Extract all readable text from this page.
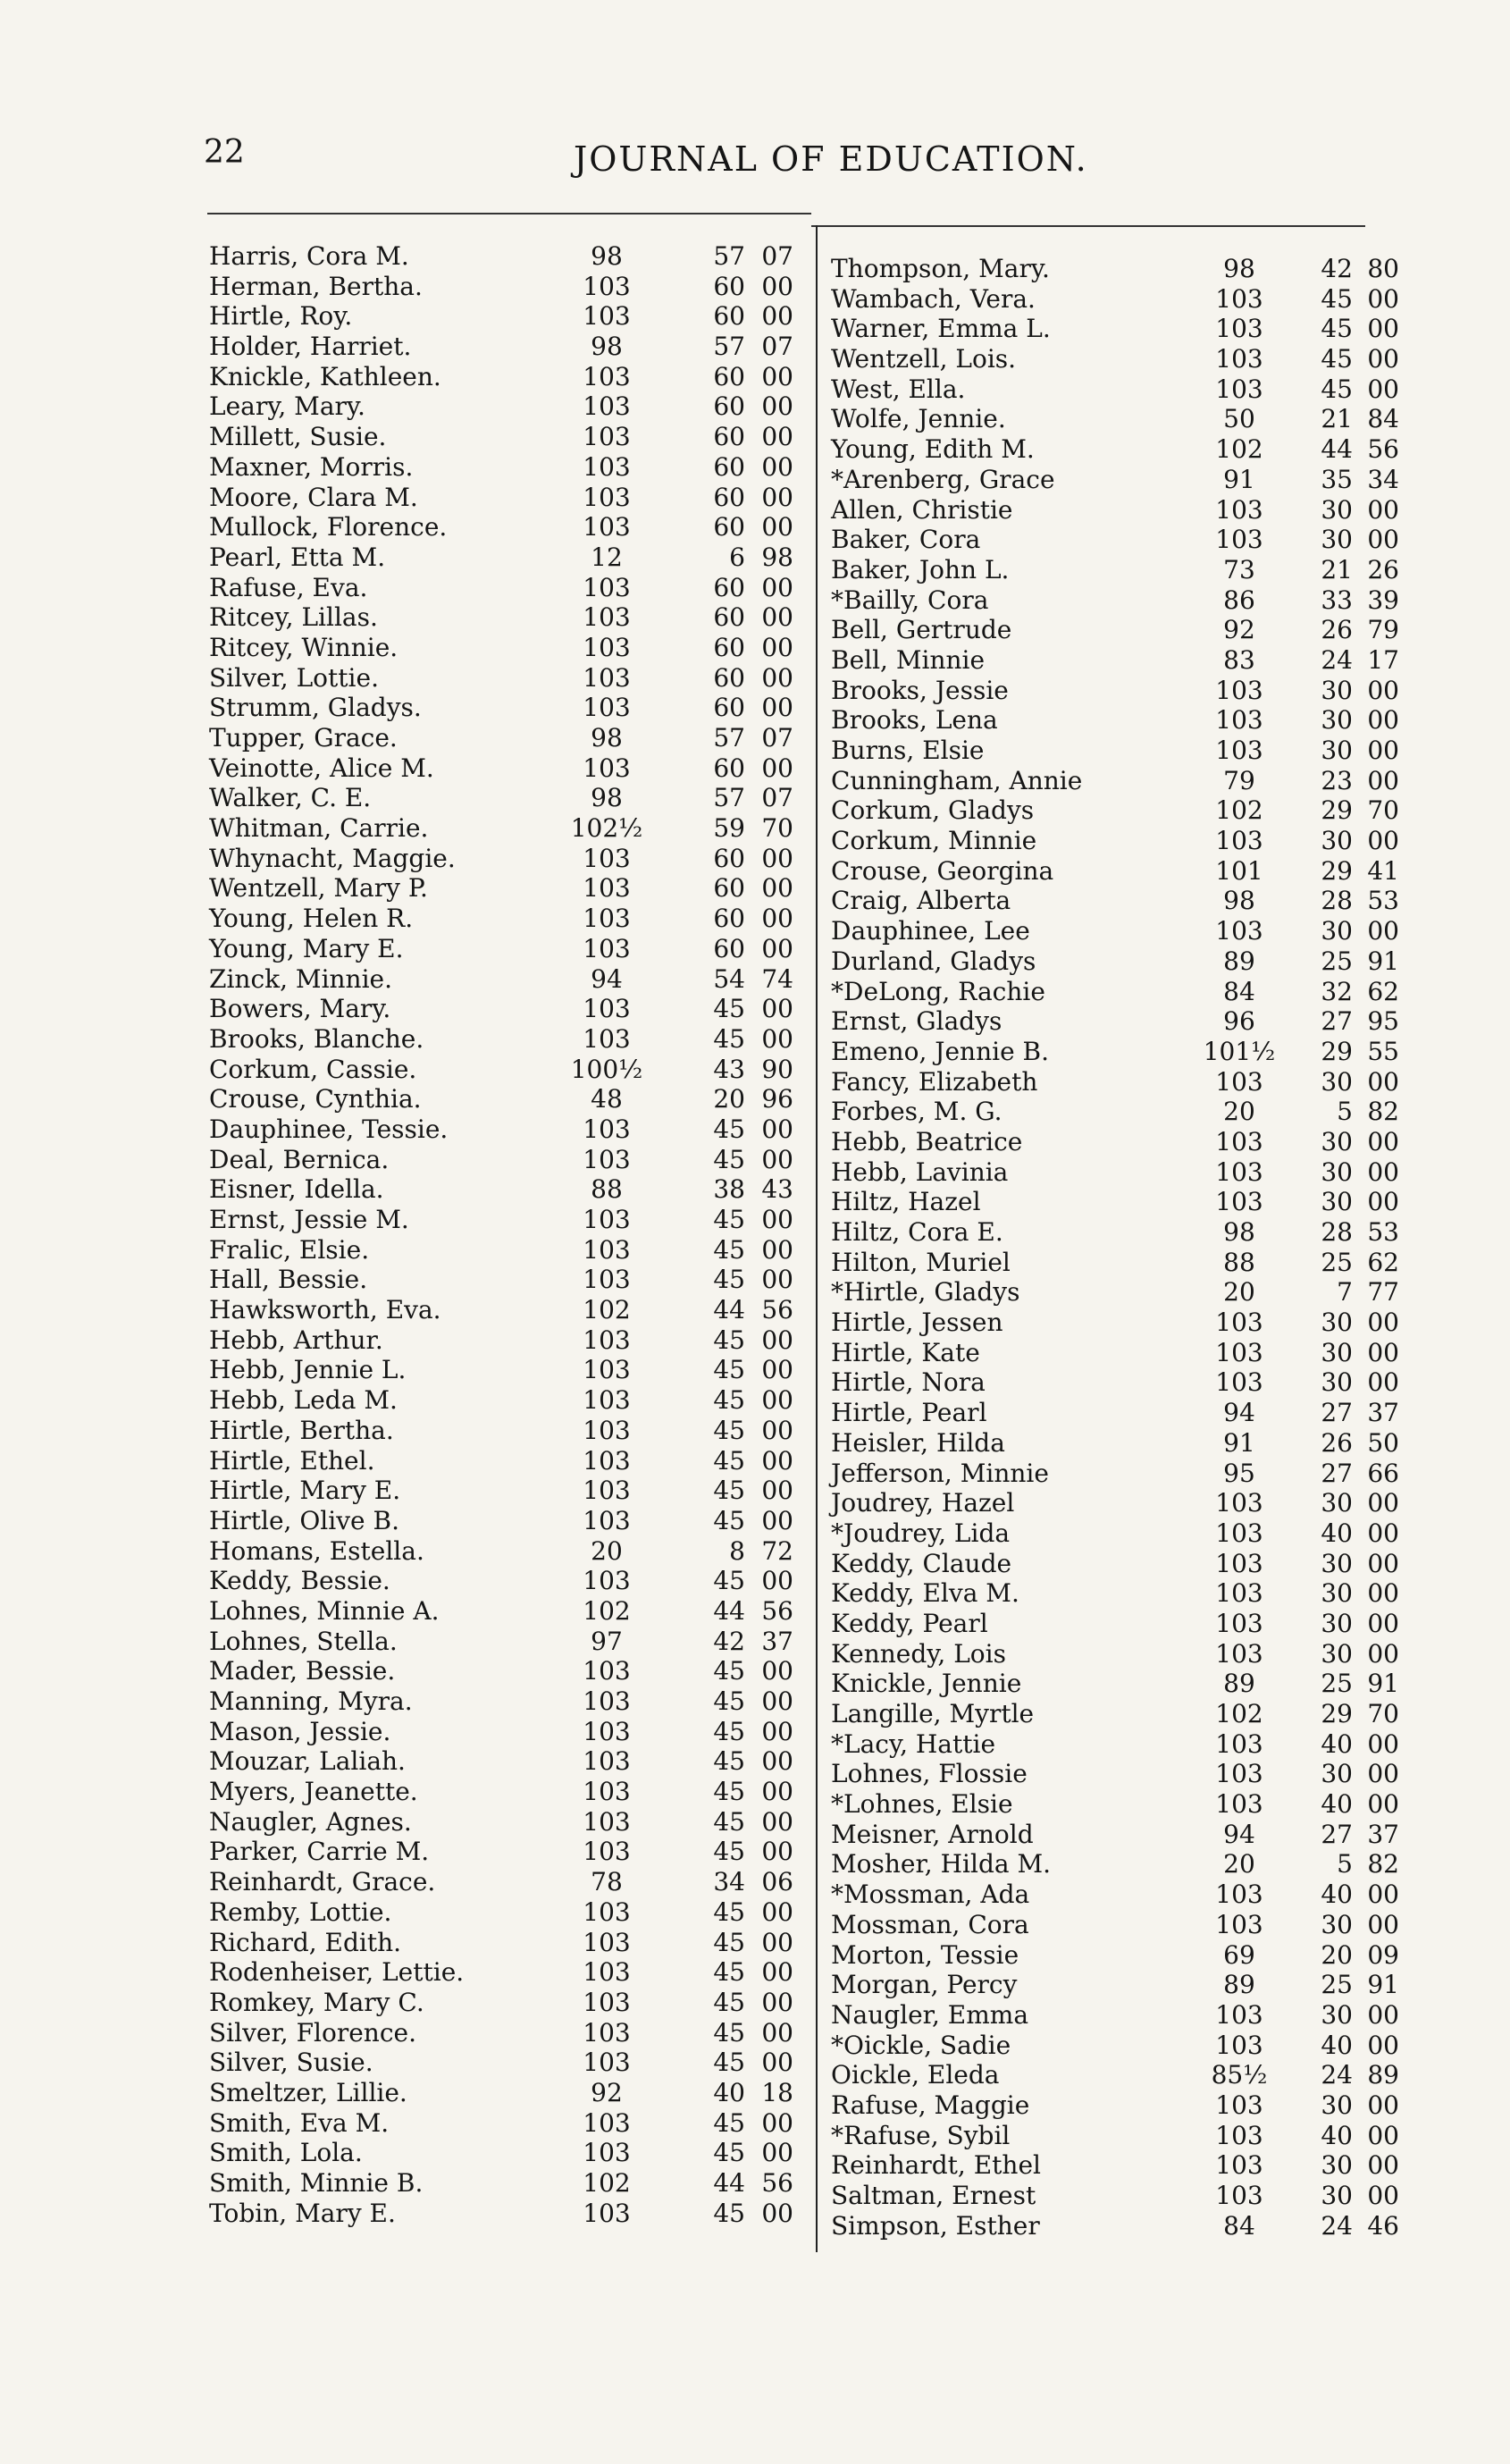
22	JOURNAL OF EDUCATION.
Harris, Cora M.	98	57 07
Herman, Bertha.	103	60 00
Hirtle, Roy.	103	60 00
Holder, Harriet.	98	57 07
Knickle, Kathleen.	103	60 00
Leary, Mary.	103	60 00
Millett, Susie.	103	60 00
Maxner, Morris.	103	60 00
Moore, Clara M.	103	60 00
Mullock, Florence.	103	60 00
Pearl, Etta M.	12	6 98
Rafuse, Eva.	103	60 00
Ritcey, Lillas.	103	60 00
Ritcey, Winnie.	103	60 00
Silver, Lottie.	103	60 00
Strumm, Gladys.	103	60 00
Tupper, Grace.	98	57 07
Veinotte, Alice M.	103	60 00
Walker, C. E.	98	57 07
Whitman, Carrie.	102½	59 70
Whynacht, Maggie.	103	60 00
Wentzell, Mary P.	103	60 00
Young, Helen R.	103	60 00
Young, Mary E.	103	60 00
Zinck, Minnie.	94	54 74
Bowers, Mary.	103	45 00
Brooks, Blanche.	103	45 00
Corkum, Cassie.	100½	43 90
Crouse, Cynthia.	48	20 96
Dauphinee, Tessie.	103	45 00
Deal, Bernica.	103	45 00
Eisner, Idella.	88	38 43
Ernst, Jessie M.	103	45 00
Fralic, Elsie.	103	45 00
Hall, Bessie.	103	45 00
Hawksworth, Eva.	102	44 56
Hebb, Arthur.	103	45 00
Hebb, Jennie L.	103	45 00
Hebb, Leda M.	103	45 00
Hirtle, Bertha.	103	45 00
Hirtle, Ethel.	103	45 00
Hirtle, Mary E.	103	45 00
Hirtle, Olive B.	103	45 00
Homans, Estella.	20	8 72
Keddy, Bessie.	103	45 00
Lohnes, Minnie A.	102	44 56
Lohnes, Stella.	97	42 37
Mader, Bessie.	103	45 00
Manning, Myra.	103	45 00
Mason, Jessie.	103	45 00
Mouzar, Laliah.	103	45 00
Myers, Jeanette.	103	45 00
Naugler, Agnes.	103	45 00
Parker, Carrie M.	103	45 00
Reinhardt, Grace.	78	34 06
Remby, Lottie.	103	45 00
Richard, Edith.	103	45 00
Rodenheiser, Lettie.	103	45 00
Romkey, Mary C.	103	45 00
Silver, Florence.	103	45 00
Silver, Susie.	103	45 00
Smeltzer, Lillie.	92	40 18
Smith, Eva M.	103	45 00
Smith, Lola.	103	45 00
Smith, Minnie B.	102	44 56
Tobin, Mary E.	103	45 00
Thompson, Mary.	98	42 80
Wambach, Vera.	103	45 00
Warner, Emma L.	103	45 00
Wentzell, Lois.	103	45 00
West, Ella.	103	45 00
Wolfe, Jennie.	50	21 84
Young, Edith M.	102	44 56
*Arenberg, Grace	91	35 34
Allen, Christie	103	30 00
Baker, Cora	103	30 00
Baker, John L.	73	21 26
*Bailly, Cora	86	33 39
Bell, Gertrude	92	26 79
Bell, Minnie	83	24 17
Brooks, Jessie	103	30 00
Brooks, Lena	103	30 00
Burns, Elsie	103	30 00
Cunningham, Annie	79	23 00
Corkum, Gladys	102	29 70
Corkum, Minnie	103	30 00
Crouse, Georgina	101	29 41
Craig, Alberta	98	28 53
Dauphinee, Lee	103	30 00
Durland, Gladys	89	25 91
*DeLong, Rachie	84	32 62
Ernst, Gladys	96	27 95
Emeno, Jennie B.	101½	29 55
Fancy, Elizabeth	103	30 00
Forbes, M. G.	20	5 82
Hebb, Beatrice	103	30 00
Hebb, Lavinia	103	30 00
Hiltz, Hazel	103	30 00
Hiltz, Cora E.	98	28 53
Hilton, Muriel	88	25 62
*Hirtle, Gladys	20	7 77
Hirtle, Jessen	103	30 00
Hirtle, Kate	103	30 00
Hirtle, Nora	103	30 00
Hirtle, Pearl	94	27 37
Heisler, Hilda	91	26 50
Jefferson, Minnie	95	27 66
Joudrey, Hazel	103	30 00
*Joudrey, Lida	103	40 00
Keddy, Claude	103	30 00
Keddy, Elva M.	103	30 00
Keddy, Pearl	103	30 00
Kennedy, Lois	103	30 00
Knickle, Jennie	89	25 91
Langille, Myrtle	102	29 70
*Lacy, Hattie	103	40 00
Lohnes, Flossie	103	30 00
*Lohnes, Elsie	103	40 00
Meisner, Arnold	94	27 37
Mosher, Hilda M.	20	5 82
*Mossman, Ada	103	40 00
Mossman, Cora	103	30 00
Morton, Tessie	69	20 09
Morgan, Percy	89	25 91
Naugler, Emma	103	30 00
*Oickle, Sadie	103	40 00
Oickle, Eleda	85½	24 89
Rafuse, Maggie	103	30 00
*Rafuse, Sybil	103	40 00
Reinhardt, Ethel	103	30 00
Saltman, Ernest	103	30 00
Simpson, Esther	84	24 46
